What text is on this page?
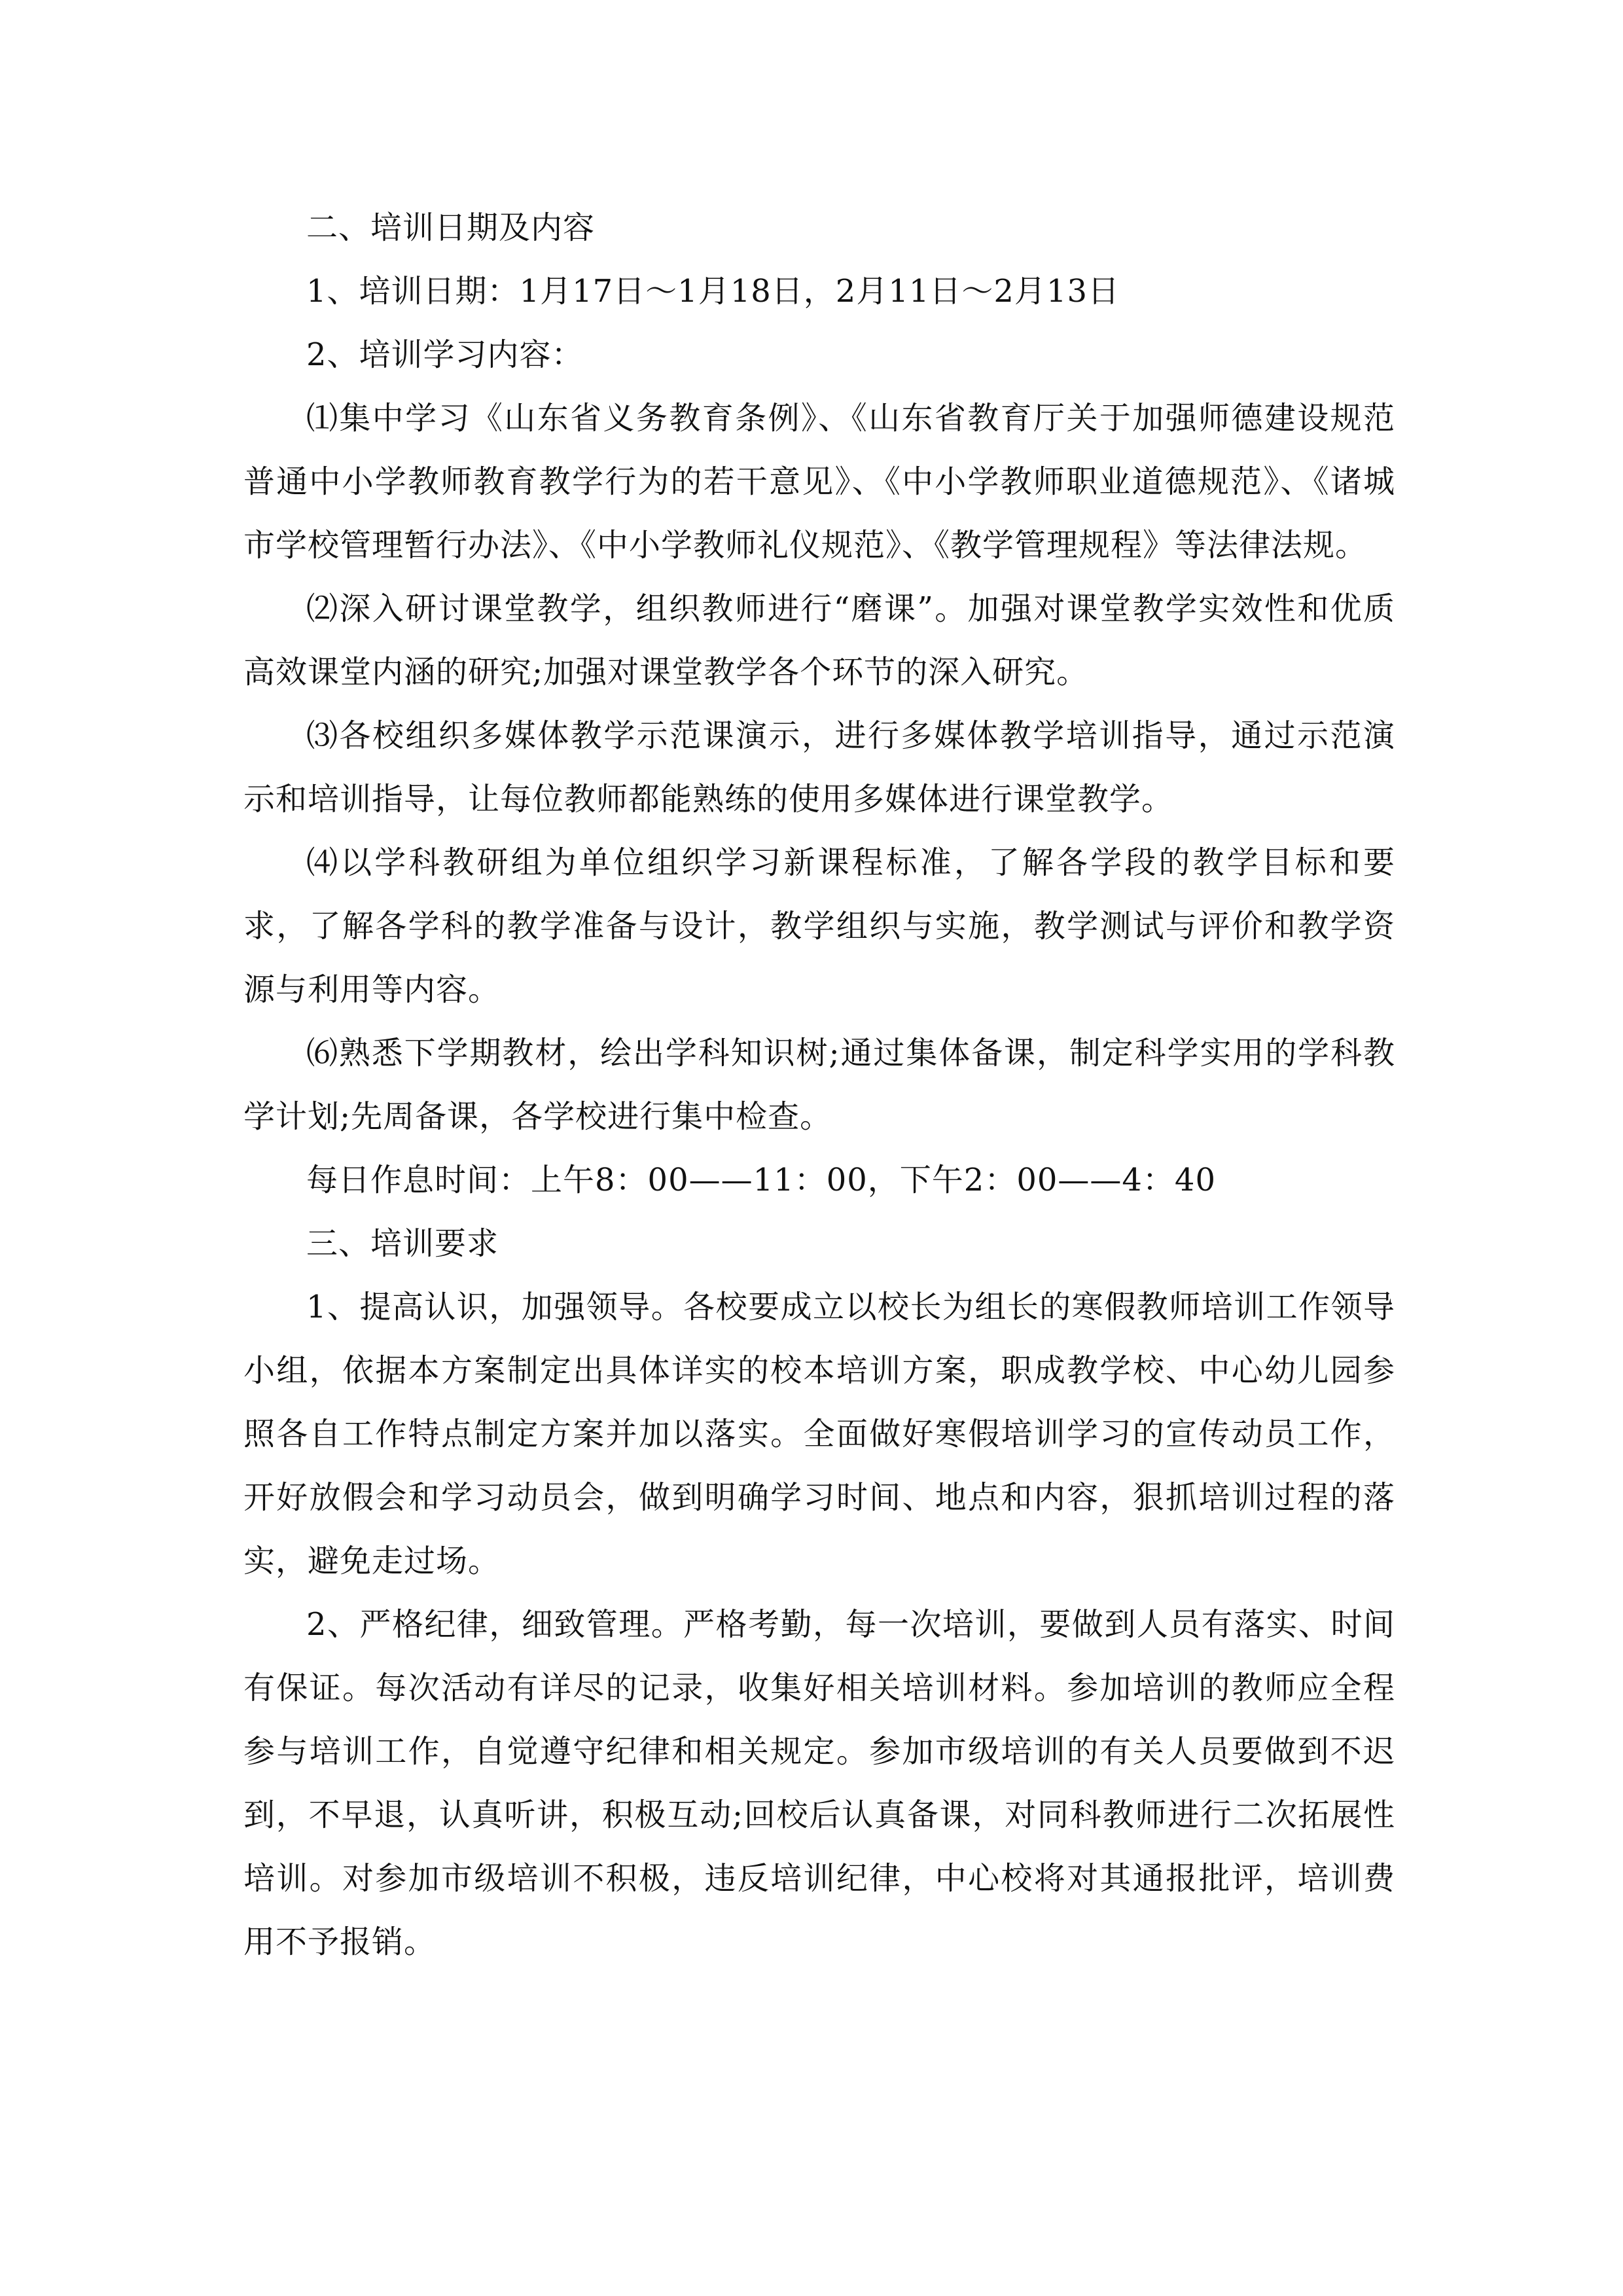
二、培训日期及内容

1、培训日期：1月17日～1月18日，2月11日～2月13日

2、培训学习内容：

⑴集中学习《山东省义务教育条例》、《山东省教育厅关于加强师德建设规范普通中小学教师教育教学行为的若干意见》、《中小学教师职业道德规范》、《诸城市学校管理暂行办法》、《中小学教师礼仪规范》、《教学管理规程》等法律法规。

⑵深入研讨课堂教学，组织教师进行“磨课”。加强对课堂教学实效性和优质高效课堂内涵的研究;加强对课堂教学各个环节的深入研究。

⑶各校组织多媒体教学示范课演示，进行多媒体教学培训指导，通过示范演示和培训指导，让每位教师都能熟练的使用多媒体进行课堂教学。

⑷以学科教研组为单位组织学习新课程标准，了解各学段的教学目标和要求，了解各学科的教学准备与设计，教学组织与实施，教学测试与评价和教学资源与利用等内容。

⑹熟悉下学期教材，绘出学科知识树;通过集体备课，制定科学实用的学科教学计划;先周备课，各学校进行集中检查。

每日作息时间：上午8：00——11：00，下午2：00——4：40

三、培训要求

1、提高认识，加强领导。各校要成立以校长为组长的寒假教师培训工作领导小组，依据本方案制定出具体详实的校本培训方案，职成教学校、中心幼儿园参照各自工作特点制定方案并加以落实。全面做好寒假培训学习的宣传动员工作，开好放假会和学习动员会，做到明确学习时间、地点和内容，狠抓培训过程的落实，避免走过场。

2、严格纪律，细致管理。严格考勤，每一次培训，要做到人员有落实、时间有保证。每次活动有详尽的记录，收集好相关培训材料。参加培训的教师应全程参与培训工作，自觉遵守纪律和相关规定。参加市级培训的有关人员要做到不迟到，不早退，认真听讲，积极互动;回校后认真备课，对同科教师进行二次拓展性培训。对参加市级培训不积极，违反培训纪律，中心校将对其通报批评，培训费用不予报销。
